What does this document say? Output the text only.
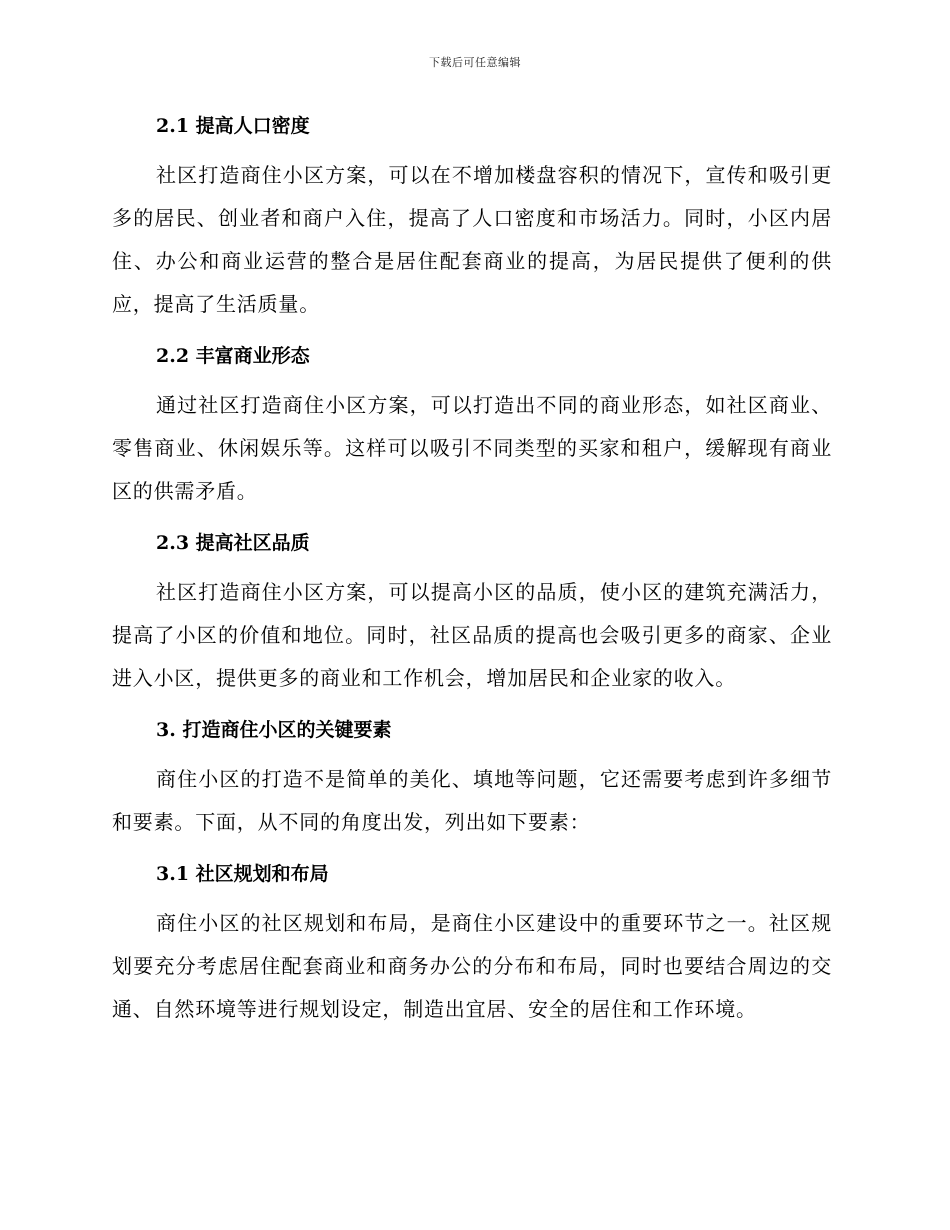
下载后可任意编辑
2.1 提高人口密度

社区打造商住小区方案，可以在不增加楼盘容积的情况下，宣传和吸引更多的居民、创业者和商户入住，提高了人口密度和市场活力。同时，小区内居住、办公和商业运营的整合是居住配套商业的提高，为居民提供了便利的供应，提高了生活质量。

2.2 丰富商业形态

通过社区打造商住小区方案，可以打造出不同的商业形态，如社区商业、零售商业、休闲娱乐等。这样可以吸引不同类型的买家和租户，缓解现有商业区的供需矛盾。

2.3 提高社区品质

社区打造商住小区方案，可以提高小区的品质，使小区的建筑充满活力，提高了小区的价值和地位。同时，社区品质的提高也会吸引更多的商家、企业进入小区，提供更多的商业和工作机会，增加居民和企业家的收入。

3. 打造商住小区的关键要素

商住小区的打造不是简单的美化、填地等问题，它还需要考虑到许多细节和要素。下面，从不同的角度出发，列出如下要素：

3.1 社区规划和布局

商住小区的社区规划和布局，是商住小区建设中的重要环节之一。社区规划要充分考虑居住配套商业和商务办公的分布和布局，同时也要结合周边的交通、自然环境等进行规划设定，制造出宜居、安全的居住和工作环境。
